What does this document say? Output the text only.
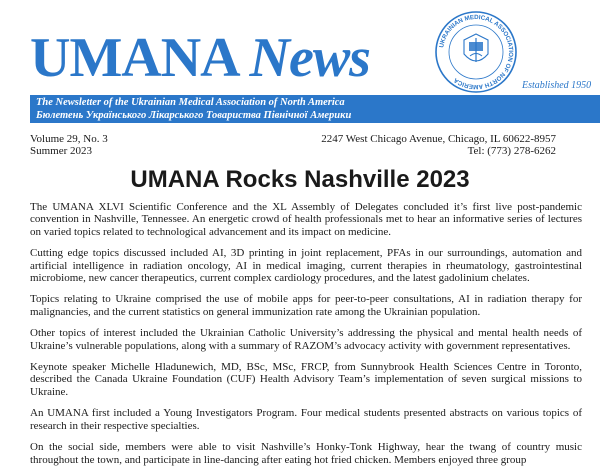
UMANA News	UKRAINIAN MEDICAL ASSOCIATION OF NORTH AMERICA	Established 1950
The Newsletter of the Ukrainian Medical Association of North America
Бюлетень Українського Лікарського Товариства Північної Америки
Volume 29, No. 3
Summer 2023
2247 West Chicago Avenue, Chicago, IL 60622-8957
Tel: (773) 278-6262
UMANA Rocks Nashville 2023

The UMANA XLVI Scientific Conference and the XL Assembly of Delegates concluded it’s first live post-pandemic convention in Nashville, Tennessee. An energetic crowd of health professionals met to hear an informative series of lectures on varied topics related to technological advancement and its impact on medicine.

Cutting edge topics discussed included AI, 3D printing in joint replacement, PFAs in our surroundings, automation and artificial intelligence in radiation oncology, AI in medical imaging, current therapies in rheumatology, gastrointestinal microbiome, new cancer therapeutics, current complex cardiology procedures, and the latest gadolinium chelates.

Topics relating to Ukraine comprised the use of mobile apps for peer-to-peer consultations, AI in radiation therapy for malignancies, and the current statistics on general immunization rate among the Ukrainian population.

Other topics of interest included the Ukrainian Catholic University’s addressing the physical and mental health needs of Ukraine’s vulnerable populations, along with a summary of RAZOM’s advocacy activity with government representatives.

Keynote speaker Michelle Hladunewich, MD, BSc, MSc, FRCP, from Sunnybrook Health Sciences Centre in Toronto, described the Canada Ukraine Foundation (CUF) Health Advisory Team’s implementation of seven surgical missions to Ukraine.

An UMANA first included a Young Investigators Program. Four medical students presented abstracts on various topics of research in their respective specialties.

On the social side, members were able to visit Nashville’s Honky-Tonk Highway, hear the twang of country music throughout the town, and participate in line-dancing after eating hot fried chicken. Members enjoyed three group
